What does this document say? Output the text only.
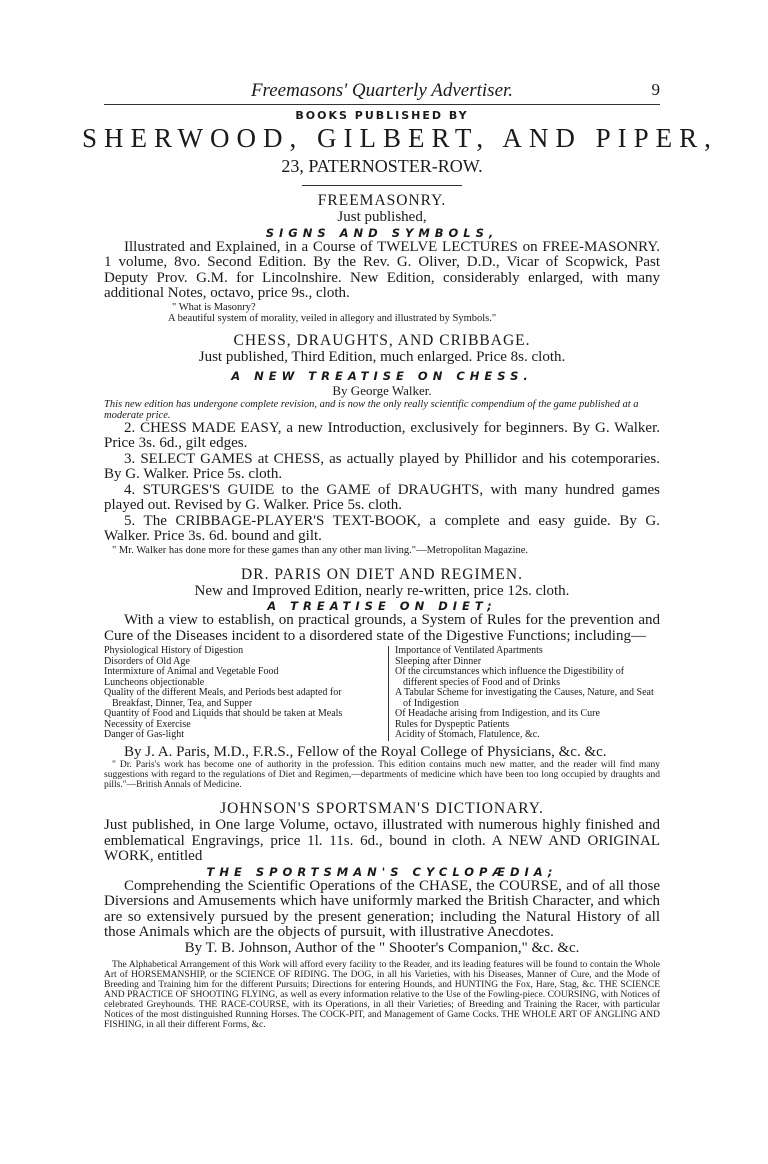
Freemasons' Quarterly Advertiser.	9
BOOKS PUBLISHED BY
SHERWOOD, GILBERT, AND PIPER,
23, PATERNOSTER-ROW.
FREEMASONRY.
Just published,
SIGNS AND SYMBOLS,
Illustrated and Explained, in a Course of TWELVE LECTURES on FREE-MASONRY. 1 volume, 8vo. Second Edition. By the Rev. G. Oliver, D.D., Vicar of Scopwick, Past Deputy Prov. G.M. for Lincolnshire. New Edition, considerably enlarged, with many additional Notes, octavo, price 9s., cloth.
" What is Masonry?
A beautiful system of morality, veiled in allegory and illustrated by Symbols."
CHESS, DRAUGHTS, AND CRIBBAGE.
Just published, Third Edition, much enlarged. Price 8s. cloth.
A NEW TREATISE ON CHESS.
By George Walker.
This new edition has undergone complete revision, and is now the only really scientific compendium of the game published at a moderate price.
2. CHESS MADE EASY, a new Introduction, exclusively for beginners. By G. Walker. Price 3s. 6d., gilt edges.
3. SELECT GAMES at CHESS, as actually played by Phillidor and his cotemporaries. By G. Walker. Price 5s. cloth.
4. STURGES'S GUIDE to the GAME of DRAUGHTS, with many hundred games played out. Revised by G. Walker. Price 5s. cloth.
5. The CRIBBAGE-PLAYER'S TEXT-BOOK, a complete and easy guide. By G. Walker. Price 3s. 6d. bound and gilt.
" Mr. Walker has done more for these games than any other man living."—Metropolitan Magazine.
DR. PARIS ON DIET AND REGIMEN.
New and Improved Edition, nearly re-written, price 12s. cloth.
A TREATISE ON DIET;
With a view to establish, on practical grounds, a System of Rules for the prevention and Cure of the Diseases incident to a disordered state of the Digestive Functions; including—
Physiological History of Digestion
Disorders of Old Age
Intermixture of Animal and Vegetable Food
Luncheons objectionable
Quality of the different Meals, and Periods best adapted for Breakfast, Dinner, Tea, and Supper
Quantity of Food and Liquids that should be taken at Meals
Necessity of Exercise
Danger of Gas-light
Importance of Ventilated Apartments
Sleeping after Dinner
Of the circumstances which influence the Digestibility of different species of Food and of Drinks
A Tabular Scheme for investigating the Causes, Nature, and Seat of Indigestion
Of Headache arising from Indigestion, and its Cure
Rules for Dyspeptic Patients
Acidity of Stomach, Flatulence, &c.
By J. A. Paris, M.D., F.R.S., Fellow of the Royal College of Physicians, &c. &c.
" Dr. Paris's work has become one of authority in the profession. This edition contains much new matter, and the reader will find many suggestions with regard to the regulations of Diet and Regimen,—departments of medicine which have been too long occupied by draughts and pills."—British Annals of Medicine.
JOHNSON'S SPORTSMAN'S DICTIONARY.
Just published, in One large Volume, octavo, illustrated with numerous highly finished and emblematical Engravings, price 1l. 11s. 6d., bound in cloth. A NEW AND ORIGINAL WORK, entitled
THE SPORTSMAN'S CYCLOPÆDIA;
Comprehending the Scientific Operations of the CHASE, the COURSE, and of all those Diversions and Amusements which have uniformly marked the British Character, and which are so extensively pursued by the present generation; including the Natural History of all those Animals which are the objects of pursuit, with illustrative Anecdotes.
By T. B. Johnson, Author of the " Shooter's Companion," &c. &c.
The Alphabetical Arrangement of this Work will afford every facility to the Reader, and its leading features will be found to contain the Whole Art of HORSEMANSHIP, or the SCIENCE OF RIDING. The DOG, in all his Varieties, with his Diseases, Manner of Cure, and the Mode of Breeding and Training him for the different Pursuits; Directions for entering Hounds, and HUNTING the Fox, Hare, Stag, &c. THE SCIENCE AND PRACTICE OF SHOOTING FLYING, as well as every information relative to the Use of the Fowling-piece. COURSING, with Notices of celebrated Greyhounds. THE RACE-COURSE, with its Operations, in all their Varieties; of Breeding and Training the Racer, with particular Notices of the most distinguished Running Horses. The COCK-PIT, and Management of Game Cocks. THE WHOLE ART OF ANGLING AND FISHING, in all their different Forms, &c.
